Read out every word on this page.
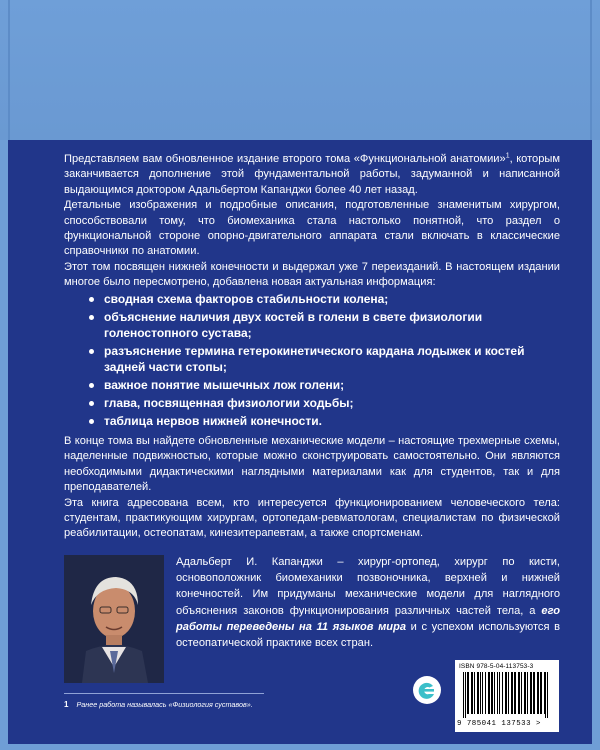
Представляем вам обновленное издание второго тома «Функциональной анатомии»$^1$, которым заканчивается дополнение этой фундаментальной работы, задуманной и написанной выдающимся доктором Адальбертом Капанджи более 40 лет назад.

Детальные изображения и подробные описания, подготовленные знаменитым хирургом, способствовали тому, что биомеханика стала настолько понятной, что раздел о функциональной стороне опорно-двигательного аппарата стали включать в классические справочники по анатомии.

Этот том посвящен нижней конечности и выдержал уже 7 переизданий. В настоящем издании многое было пересмотрено, добавлена новая актуальная информация:

сводная схема факторов стабильности колена;
объяснение наличия двух костей в голени в свете физиологии голеностопного сустава;
разъяснение термина гетерокинетического кардана лодыжек и костей задней части стопы;
важное понятие мышечных лож голени;
глава, посвященная физиологии ходьбы;
таблица нервов нижней конечности.

В конце тома вы найдете обновленные механические модели – настоящие трехмерные схемы, наделенные подвижностью, которые можно сконструировать самостоятельно. Они являются необходимыми дидактическими наглядными материалами как для студентов, так и для преподавателей.

Эта книга адресована всем, кто интересуется функционированием человеческого тела: студентам, практикующим хирургам, ортопедам-ревматологам, специалистам по физической реабилитации, остеопатам, кинезитерапевтам, а также спортсменам.

Адальберт И. Капанджи – хирург-ортопед, хирург по кисти, основоположник биомеханики позвоночника, верхней и нижней конечностей. Им придуманы механические модели для наглядного объяснения законов функционирования различных частей тела, а его работы переведены на 11 языков мира и с успехом используются в остеопатической практике всех стран.
1 Ранее работа называлась «Физиология суставов».
ISBN 978-5-04-113753-3
9 785041 137533 >
